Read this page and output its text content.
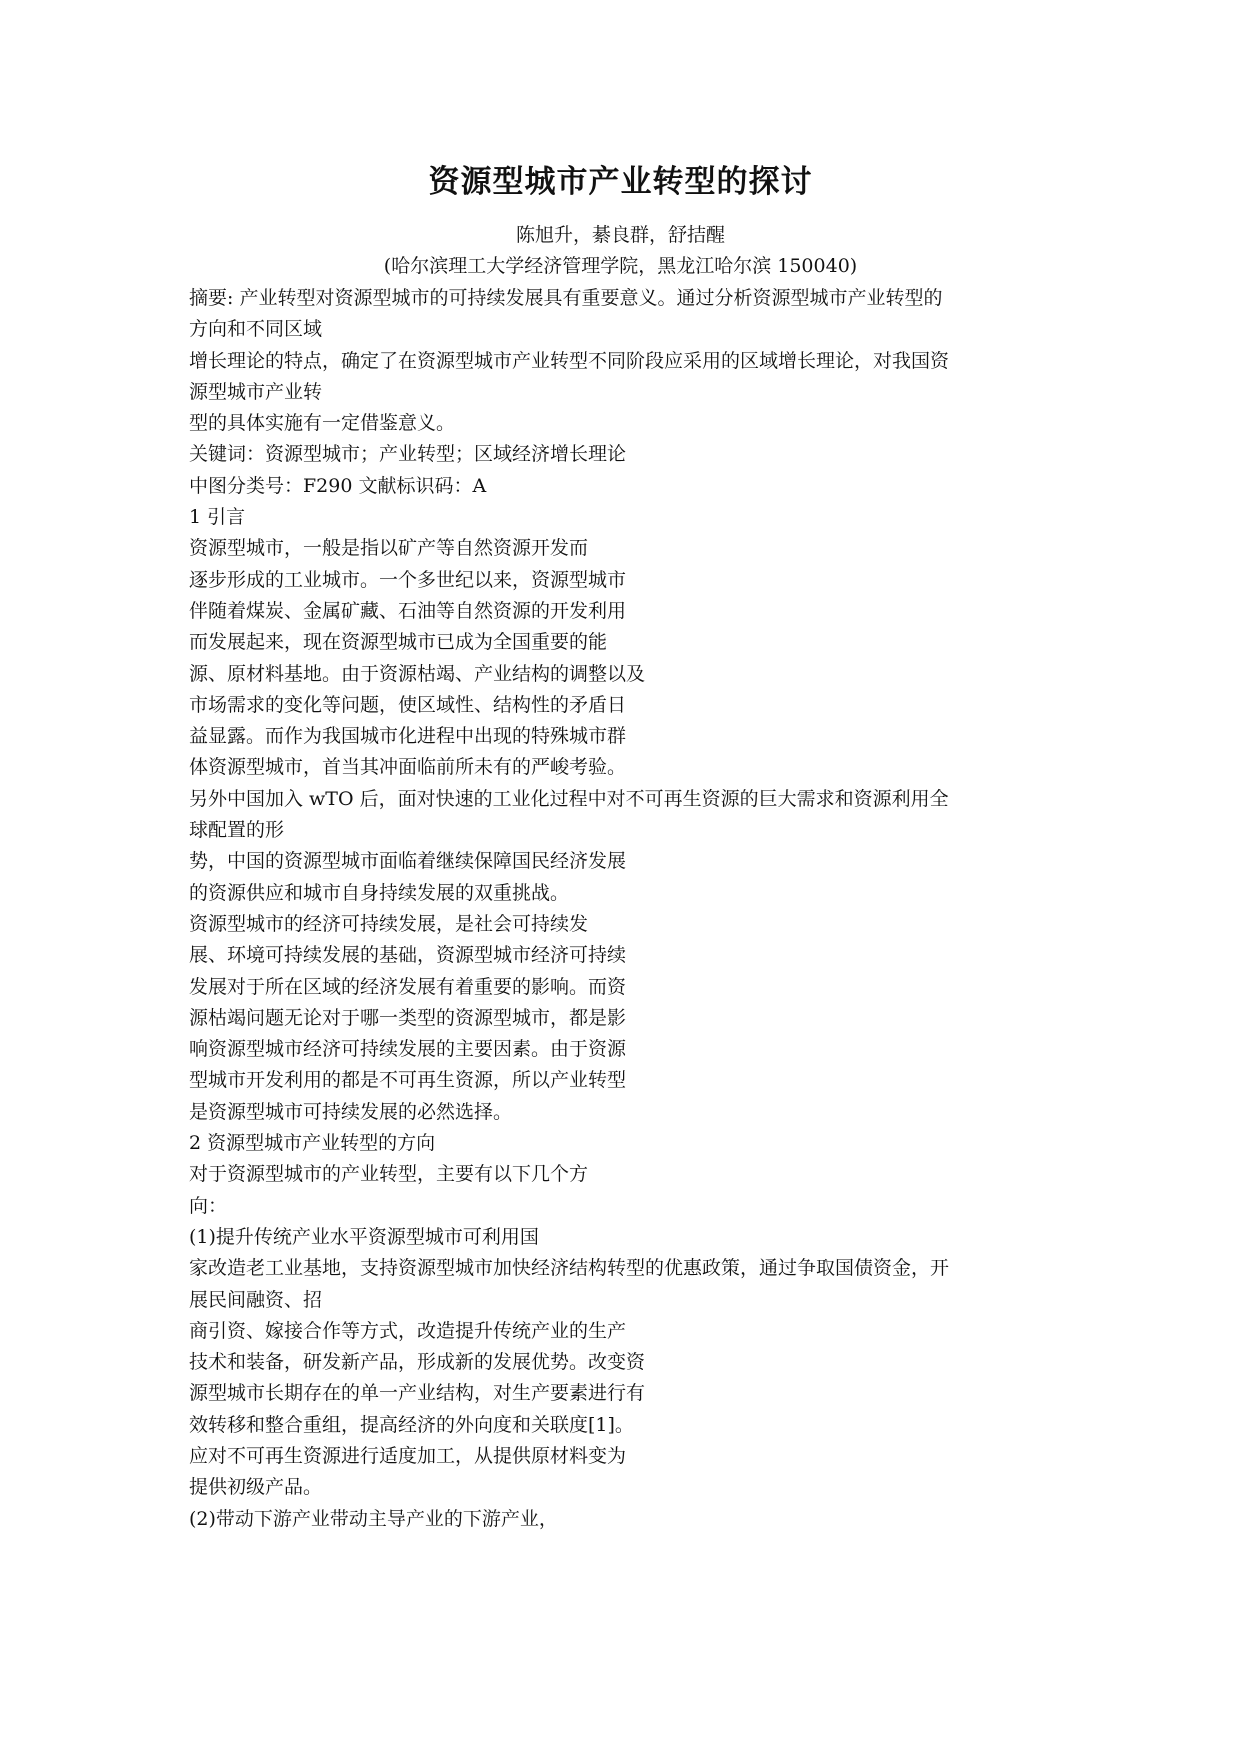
资源型城市产业转型的探讨
陈旭升，綦良群，舒拮醒
(哈尔滨理工大学经济管理学院，黑龙江哈尔滨 150040)
摘要: 产业转型对资源型城市的可持续发展具有重要意义。通过分析资源型城市产业转型的
方向和不同区域
增长理论的特点，确定了在资源型城市产业转型不同阶段应采用的区域增长理论，对我国资
源型城市产业转
型的具体实施有一定借鉴意义。
关键词：资源型城市；产业转型；区域经济增长理论
中图分类号：F290 文献标识码：A
1 引言
资源型城市，一般是指以矿产等自然资源开发而
逐步形成的工业城市。一个多世纪以来，资源型城市
伴随着煤炭、金属矿藏、石油等自然资源的开发利用
而发展起来，现在资源型城市已成为全国重要的能
源、原材料基地。由于资源枯竭、产业结构的调整以及
市场需求的变化等问题，使区域性、结构性的矛盾日
益显露。而作为我国城市化进程中出现的特殊城市群
体资源型城市，首当其冲面临前所未有的严峻考验。
另外中国加入 wTO 后，面对快速的工业化过程中对不可再生资源的巨大需求和资源利用全
球配置的形
势，中国的资源型城市面临着继续保障国民经济发展
的资源供应和城市自身持续发展的双重挑战。
资源型城市的经济可持续发展，是社会可持续发
展、环境可持续发展的基础，资源型城市经济可持续
发展对于所在区域的经济发展有着重要的影响。而资
源枯竭问题无论对于哪一类型的资源型城市，都是影
响资源型城市经济可持续发展的主要因素。由于资源
型城市开发利用的都是不可再生资源，所以产业转型
是资源型城市可持续发展的必然选择。
2 资源型城市产业转型的方向
对于资源型城市的产业转型，主要有以下几个方
向：
(1)提升传统产业水平资源型城市可利用国
家改造老工业基地，支持资源型城市加快经济结构转型的优惠政策，通过争取国债资金，开
展民间融资、招
商引资、嫁接合作等方式，改造提升传统产业的生产
技术和装备，研发新产品，形成新的发展优势。改变资
源型城市长期存在的单一产业结构，对生产要素进行有
效转移和整合重组，提高经济的外向度和关联度[1]。
应对不可再生资源进行适度加工，从提供原材料变为
提供初级产品。
(2)带动下游产业带动主导产业的下游产业，
